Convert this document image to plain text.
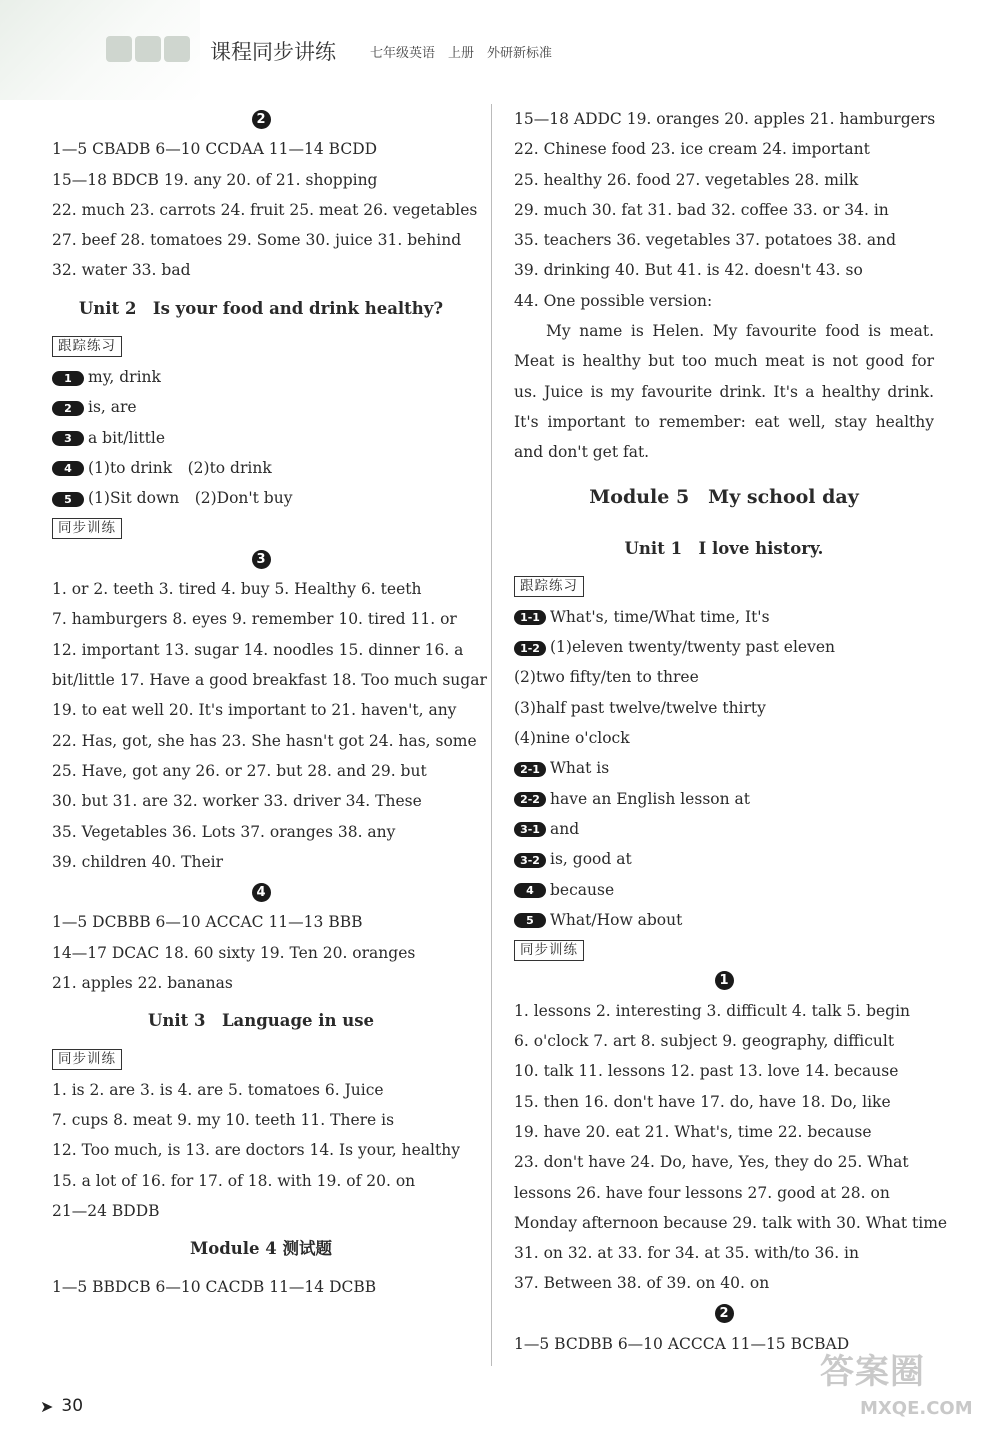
课程同步讲练	七年级英语　上册　外研新标准
2
1—5 CBADB 6—10 CCDAA 11—14 BCDD
15—18 BDCB 19. any 20. of 21. shopping
22. much 23. carrots 24. fruit 25. meat 26. vegetables
27. beef 28. tomatoes 29. Some 30. juice 31. behind
32. water 33. bad
Unit 2　Is your food and drink healthy?
跟踪练习
1 my, drink
2 is, are
3 a bit/little
4 (1)to drink　(2)to drink
5 (1)Sit down　(2)Don't buy
同步训练
3
1. or 2. teeth 3. tired 4. buy 5. Healthy 6. teeth
7. hamburgers 8. eyes 9. remember 10. tired 11. or
12. important 13. sugar 14. noodles 15. dinner 16. a
bit/little 17. Have a good breakfast 18. Too much sugar
19. to eat well 20. It's important to 21. haven't, any
22. Has, got, she has 23. She hasn't got 24. has, some
25. Have, got any 26. or 27. but 28. and 29. but
30. but 31. are 32. worker 33. driver 34. These
35. Vegetables 36. Lots 37. oranges 38. any
39. children 40. Their
4
1—5 DCBBB 6—10 ACCAC 11—13 BBB
14—17 DCAC 18. 60 sixty 19. Ten 20. oranges
21. apples 22. bananas
Unit 3　Language in use
同步训练
1. is 2. are 3. is 4. are 5. tomatoes 6. Juice
7. cups 8. meat 9. my 10. teeth 11. There is
12. Too much, is 13. are doctors 14. Is your, healthy
15. a lot of 16. for 17. of 18. with 19. of 20. on
21—24 BDDB
Module 4 测试题
1—5 BBDCB 6—10 CACDB 11—14 DCBB
15—18 ADDC 19. oranges 20. apples 21. hamburgers
22. Chinese food 23. ice cream 24. important
25. healthy 26. food 27. vegetables 28. milk
29. much 30. fat 31. bad 32. coffee 33. or 34. in
35. teachers 36. vegetables 37. potatoes 38. and
39. drinking 40. But 41. is 42. doesn't 43. so
44. One possible version:
My name is Helen. My favourite food is meat. Meat is healthy but too much meat is not good for us. Juice is my favourite drink. It's a healthy drink. It's important to remember: eat well, stay healthy and don't get fat.
Module 5　My school day
Unit 1　I love history.
跟踪练习
1-1 What's, time/What time, It's
1-2 (1)eleven twenty/twenty past eleven
(2)two fifty/ten to three
(3)half past twelve/twelve thirty
(4)nine o'clock
2-1 What is
2-2 have an English lesson at
3-1 and
3-2 is, good at
4 because
5 What/How about
同步训练
1
1. lessons 2. interesting 3. difficult 4. talk 5. begin
6. o'clock 7. art 8. subject 9. geography, difficult
10. talk 11. lessons 12. past 13. love 14. because
15. then 16. don't have 17. do, have 18. Do, like
19. have 20. eat 21. What's, time 22. because
23. don't have 24. Do, have, Yes, they do 25. What
lessons 26. have four lessons 27. good at 28. on
Monday afternoon because 29. talk with 30. What time
31. on 32. at 33. for 34. at 35. with/to 36. in
37. Between 38. of 39. on 40. on
2
1—5 BCDBB 6—10 ACCCA 11—15 BCBAD
➤ 30
答案圈
MXQE.COM
